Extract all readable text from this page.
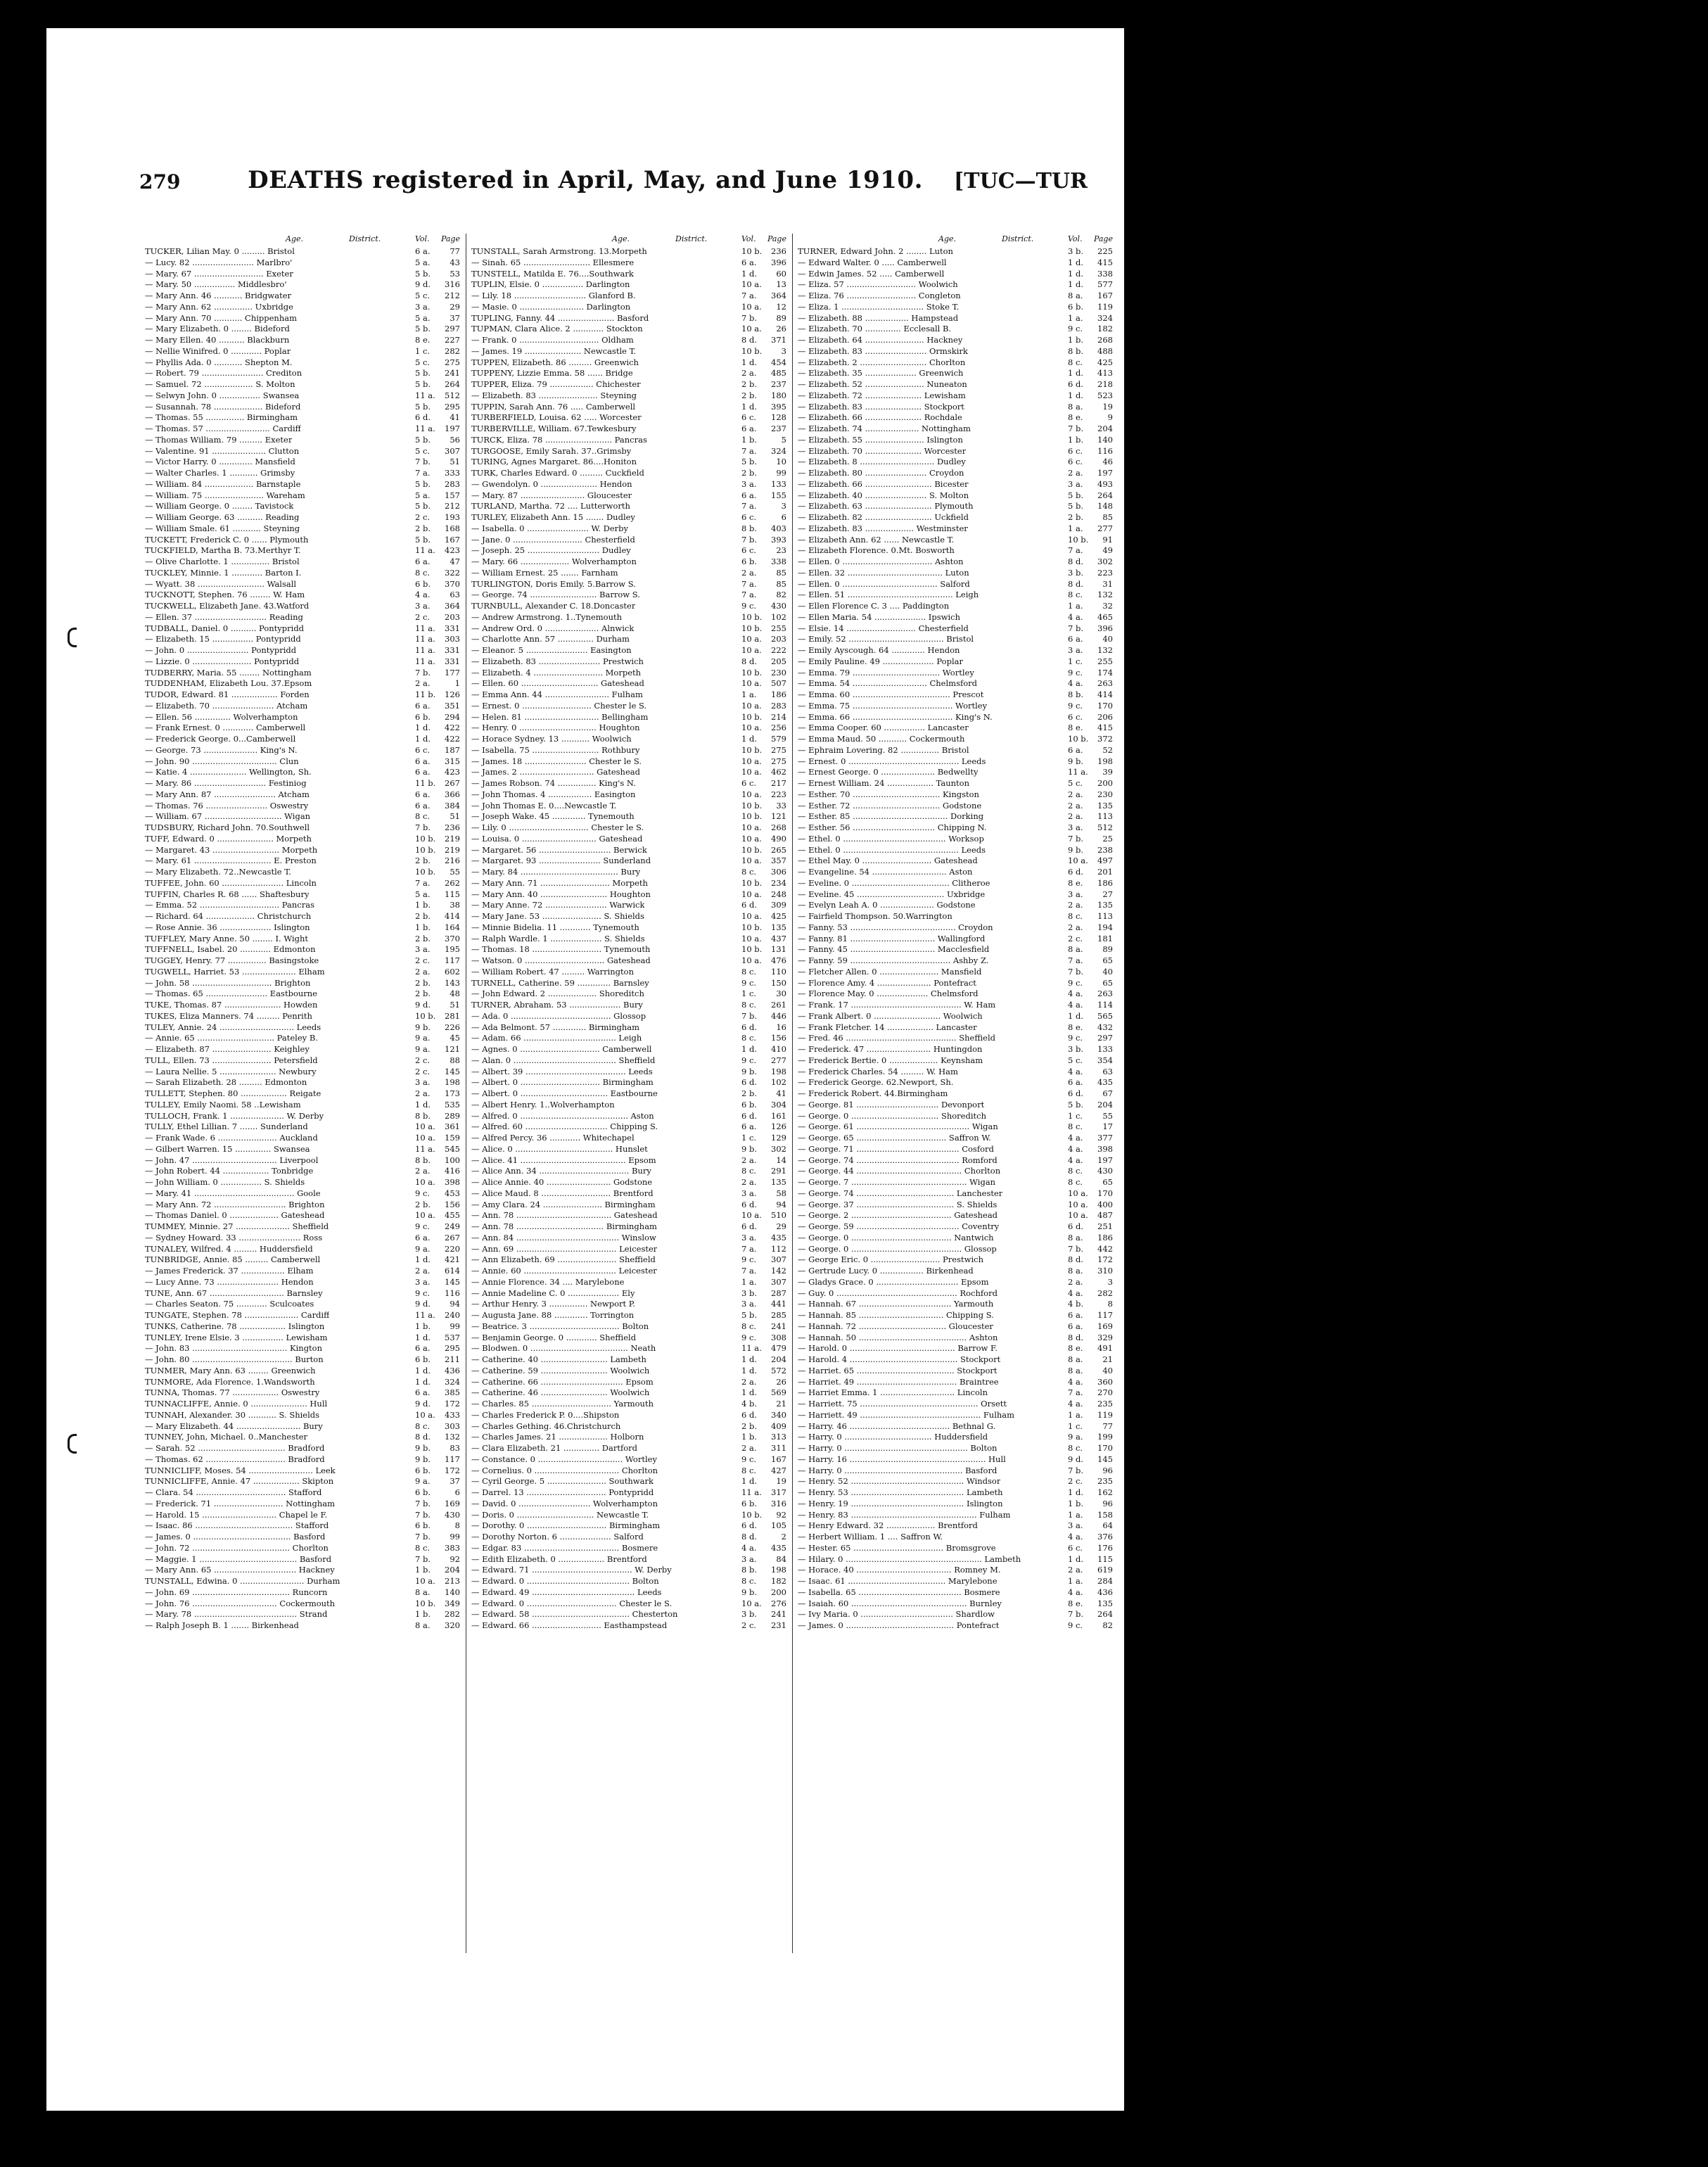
279	DEATHS registered in April, May, and June 1910.	[TUC—TUR
Age.	District.	Vol. Page
TUCKER, Lilian May. 0 ......... Bristol	6 a. 77
— Lucy. 82 ........................ Marlbro'	5 a. 43
— Mary. 67 ........................... Exeter	5 b. 53
— Mary. 50 ................ Middlesbro'	9 d. 316
— Mary Ann. 46 ........... Bridgwater	5 c. 212
— Mary Ann. 62 ............... Uxbridge	3 a. 29
— Mary Ann. 70 ........... Chippenham	5 a. 37
— Mary Elizabeth. 0 ........ Bideford	5 b. 297
— Mary Ellen. 40 .......... Blackburn	8 e. 227
— Nellie Winifred. 0 ............ Poplar	1 c. 282
— Phyllis Ada. 0 ........... Shepton M.	5 c. 275
— Robert. 79 ........................ Crediton	5 b. 241
— Samuel. 72 ................... S. Molton	5 b. 264
— Selwyn John. 0 ................ Swansea	11 a. 512
— Susannah. 78 ................... Bideford	5 b. 295
— Thomas. 55 ............... Birmingham	6 d. 41
— Thomas. 57 ......................... Cardiff	11 a. 197
— Thomas William. 79 ......... Exeter	5 b. 56
— Valentine. 91 ..................... Clutton	5 c. 307
— Victor Harry. 0 ............. Mansfield	7 b. 51
— Walter Charles. 1 ........... Grimsby	7 a. 333
— William. 84 ................... Barnstaple	5 b. 283
— William. 75 ....................... Wareham	5 a. 157
— William George. 0 ........ Tavistock	5 b. 212
— William George. 63 .......... Reading	2 c. 193
— William Smale. 61 ........... Steyning	2 b. 168
TUCKETT, Frederick C. 0 ...... Plymouth	5 b. 167
TUCKFIELD, Martha B. 73.Merthyr T.	11 a. 423
— Olive Charlotte. 1 ............... Bristol	6 a. 47
TUCKLEY, Minnie. 1 ............ Barton I.	8 c. 322
— Wyatt. 38 .......................... Walsall	6 b. 370
TUCKNOTT, Stephen. 76 ........ W. Ham	4 a. 63
TUCKWELL, Elizabeth Jane. 43.Watford	3 a. 364
— Ellen. 37 ............................ Reading	2 c. 203
TUDBALL, Daniel. 0 .......... Pontypridd	11 a. 331
— Elizabeth. 15 ................ Pontypridd	11 a. 303
— John. 0 ........................ Pontypridd	11 a. 331
— Lizzie. 0 ....................... Pontypridd	11 a. 331
TUDBERRY, Maria. 55 ........ Nottingham	7 b. 177
TUDDENHAM, Elizabeth Lou. 37.Epsom	2 a.	1
TUDOR, Edward. 81 .................. Forden	11 b. 126
— Elizabeth. 70 ........................ Atcham	6 a. 351
— Ellen. 56 .............. Wolverhampton	6 b. 294
— Frank Ernest. 0 ............ Camberwell	1 d. 422
— Frederick George. 0...Camberwell	1 d. 422
— George. 73 ..................... King's N.	6 c. 187
— John. 90 ................................. Clun	6 a. 315
— Katie. 4 ...................... Wellington, Sh.	6 a. 423
— Mary. 86 ............................ Festiniog	11 b. 267
— Mary Ann. 87 ........................ Atcham	6 a. 366
— Thomas. 76 ........................ Oswestry	6 a. 384
— William. 67 .............................. Wigan	8 c. 51
TUDSBURY, Richard John. 70.Southwell	7 b. 236
TUFF, Edward. 0 ...................... Morpeth	10 b. 219
— Margaret. 43 .......................... Morpeth	10 b. 219
— Mary. 61 .............................. E. Preston	2 b. 216
— Mary Elizabeth. 72..Newcastle T.	10 b. 55
TUFFEE, John. 60 ........................ Lincoln	7 a. 262
TUFFIN, Charles R. 68 ...... Shaftesbury	5 a. 115
— Emma. 52 ............................... Pancras	1 b. 38
— Richard. 64 ................... Christchurch	2 b. 414
— Rose Annie. 36 .................... Islington	1 b. 164
TUFFLEY, Mary Anne. 50 ........ I. Wight	2 b. 370
TUFFNELL, Isabel. 20 ............ Edmonton	3 a. 195
TUGGEY, Henry. 77 ............... Basingstoke	2 c. 117
TUGWELL, Harriet. 53 ..................... Elham	2 a. 602
— John. 58 ............................... Brighton	2 b. 143
— Thomas. 65 ........................ Eastbourne	2 b. 48
TUKE, Thomas. 87 ...................... Howden	9 d. 51
TUKES, Eliza Manners. 74 ......... Penrith	10 b. 281
TULEY, Annie. 24 ............................. Leeds	9 b. 226
— Annie. 65 .............................. Pateley B.	9 a. 45
— Elizabeth. 87 ....................... Keighley	9 a. 121
TULL, Ellen. 73 ....................... Petersfield	2 c. 88
— Laura Nellie. 5 ...................... Newbury	2 c. 145
— Sarah Elizabeth. 28 ......... Edmonton	3 a. 198
TULLETT, Stephen. 80 .................. Reigate	2 a. 173
TULLEY, Emily Naomi. 58 ..Lewisham	1 d. 535
TULLOCH, Frank. 1 ..................... W. Derby	8 b. 289
TULLY, Ethel Lillian. 7 ....... Sunderland	10 a. 361
— Frank Wade. 6 ....................... Auckland	10 a. 159
— Gilbert Warren. 15 .............. Swansea	11 a. 545
— John. 47 ................................. Liverpool	8 b. 100
— John Robert. 44 .................. Tonbridge	2 a. 416
— John William. 0 ................ S. Shields	10 a. 398
— Mary. 41 ....................................... Goole	9 c. 453
— Mary Ann. 72 ............................ Brighton	2 b. 156
— Thomas Daniel. 0 ................... Gateshead	10 a. 455
TUMMEY, Minnie. 27 ..................... Sheffield	9 c. 249
— Sydney Howard. 33 ........................ Ross	6 a. 267
TUNALEY, Wilfred. 4 ......... Huddersfield	9 a. 220
TUNBRIDGE, Annie. 85 ......... Camberwell	1 d. 421
— James Frederick. 37 ................. Elham	2 a. 614
— Lucy Anne. 73 ........................ Hendon	3 a. 145
TUNE, Ann. 67 ............................. Barnsley	9 c. 116
— Charles Seaton. 75 ............ Sculcoates	9 d. 94
TUNGATE, Stephen. 78 ..................... Cardiff	11 a. 240
TUNKS, Catherine. 78 .................. Islington	1 b. 99
TUNLEY, Irene Elsie. 3 ................ Lewisham	1 d. 537
— John. 83 ..................................... Kington	6 a. 295
— John. 80 ....................................... Burton	6 b. 211
TUNMER, Mary Ann. 63 ........ Greenwich	1 d. 436
TUNMORE, Ada Florence. 1.Wandsworth	1 d. 324
TUNNA, Thomas. 77 .................. Oswestry	6 a. 385
TUNNACLIFFE, Annie. 0 ...................... Hull	9 d. 172
TUNNAH, Alexander. 30 ........... S. Shields	10 a. 433
— Mary Elizabeth. 44 ......................... Bury	8 c. 303
TUNNEY, John, Michael. 0..Manchester	8 d. 132
— Sarah. 52 .................................. Bradford	9 b. 83
— Thomas. 62 ............................... Bradford	9 b. 117
TUNNICLIFF, Moses. 54 ......................... Leek	6 b. 172
TUNNICLIFFE, Annie. 47 .................. Skipton	9 a. 37
— Clara. 54 ................................... Stafford	6 b.	6
— Frederick. 71 ........................... Nottingham	7 b. 169
— Harold. 15 ............................. Chapel le F.	7 b. 430
— Isaac. 86 ...................................... Stafford	6 b.	8
— James. 0 ...................................... Basford	7 b. 99
— John. 72 ...................................... Chorlton	8 c. 383
— Maggie. 1 ...................................... Basford	7 b. 92
— Mary Ann. 65 ................................ Hackney	1 b. 204
TUNSTALL, Edwina. 0 ......................... Durham	10 a. 213
— John. 69 ...................................... Runcorn	8 a. 140
— John. 76 ................................. Cockermouth	10 b. 349
— Mary. 78 ........................................ Strand	1 b. 282
— Ralph Joseph B. 1 ....... Birkenhead	8 a. 320
Age.	District.	Vol. Page
TUNSTALL, Sarah Armstrong. 13.Morpeth	10 b. 236
— Sinah. 65 .......................... Ellesmere	6 a. 396
TUNSTELL, Matilda E. 76....Southwark	1 d. 60
TUPLIN, Elsie. 0 ................ Darlington	10 a. 13
— Lily. 18 ............................ Glanford B.	7 a. 364
— Masie. 0 ......................... Darlington	10 a. 12
TUPLING, Fanny. 44 ...................... Basford	7 b. 89
TUPMAN, Clara Alice. 2 ............ Stockton	10 a. 26
— Frank. 0 ............................... Oldham	8 d. 371
— James. 19 ...................... Newcastle T.	10 b. 3
TUPPEN, Elizabeth. 86 ......... Greenwich	1 d. 454
TUPPENY, Lizzie Emma. 58 ...... Bridge	2 a. 485
TUPPER, Eliza. 79 ................. Chichester	2 b. 237
— Elizabeth. 83 ....................... Steyning	2 b. 180
TUPPIN, Sarah Ann. 76 ..... Camberwell	1 d. 395
TURBERFIELD, Louisa. 62 ..... Worcester	6 c. 128
TURBERVILLE, William. 67.Tewkesbury	6 a. 237
TURCK, Eliza. 78 .......................... Pancras	1 b.	5
TURGOOSE, Emily Sarah. 37..Grimsby	7 a. 324
TURING, Agnes Margaret. 86....Honiton	5 b. 10
TURK, Charles Edward. 0 ......... Cuckfield	2 b. 99
— Gwendolyn. 0 ...................... Hendon	3 a. 133
— Mary. 87 ......................... Gloucester	6 a. 155
TURLAND, Martha. 72 .... Lutterworth	7 a.	3
TURLEY, Elizabeth Ann. 15 ....... Dudley	6 c.	6
— Isabella. 0 ........................ W. Derby	8 b. 403
— Jane. 0 ........................... Chesterfield	7 b. 393
— Joseph. 25 ............................ Dudley	6 c. 23
— Mary. 66 ................... Wolverhampton	6 b. 338
— William Ernest. 25 ....... Farnham	2 a. 85
TURLINGTON, Doris Emily. 5.Barrow S.	7 a. 85
— George. 74 .......................... Barrow S.	7 a. 82
TURNBULL, Alexander C. 18.Doncaster	9 c. 430
— Andrew Armstrong. 1..Tynemouth	10 b. 102
— Andrew Ord. 0 ..................... Alnwick	10 b. 255
— Charlotte Ann. 57 .............. Durham	10 a. 203
— Eleanor. 5 ........................ Easington	10 a. 222
— Elizabeth. 83 ........................ Prestwich	8 d. 205
— Elizabeth. 4 ........................... Morpeth	10 b. 230
— Ellen. 60 .............................. Gateshead	10 a. 507
— Emma Ann. 44 ......................... Fulham	1 a. 186
— Ernest. 0 ........................... Chester le S.	10 a. 283
— Helen. 81 ............................. Bellingham	10 b. 214
— Henry. 0 .............................. Houghton	10 a. 256
— Horace Sydney. 13 ........... Woolwich	1 d. 579
— Isabella. 75 .......................... Rothbury	10 b. 275
— James. 18 ........................ Chester le S.	10 a. 275
— James. 2 ............................. Gateshead	10 a. 462
— James Robson. 74 ............... King's N.	6 c. 217
— John Thomas. 4 ................. Easington	10 a. 223
— John Thomas E. 0....Newcastle T.	10 b. 33
— Joseph Wake. 45 ............. Tynemouth	10 b. 121
— Lily. 0 ............................... Chester le S.	10 a. 268
— Louisa. 0 ............................. Gateshead	10 a. 490
— Margaret. 56 ............................ Berwick	10 b. 265
— Margaret. 93 ........................ Sunderland	10 a. 357
— Mary. 84 ...................................... Bury	8 c. 306
— Mary Ann. 71 ........................... Morpeth	10 b. 234
— Mary Ann. 40 .......................... Houghton	10 a. 248
— Mary Anne. 72 ........................ Warwick	6 d. 309
— Mary Jane. 53 ....................... S. Shields	10 a. 425
— Minnie Bidelia. 11 ............ Tynemouth	10 b. 135
— Ralph Wardle. 1 .................... S. Shields	10 a. 437
— Thomas. 18 ........................... Tynemouth	10 b. 131
— Watson. 0 ............................... Gateshead	10 a. 476
— William Robert. 47 ......... Warrington	8 c. 110
TURNELL, Catherine. 59 ............. Barnsley	9 c. 150
— John Edward. 2 ................... Shoreditch	1 c. 30
TURNER, Abraham. 53 .................... Bury	8 c. 261
— Ada. 0 ....................................... Glossop	7 b. 446
— Ada Belmont. 57 ............. Birmingham	6 d. 16
— Adam. 66 .................................... Leigh	8 c. 156
— Agnes. 0 ............................... Camberwell	1 d. 410
— Alan. 0 ........................................ Sheffield	9 c. 277
— Albert. 39 ....................................... Leeds	9 b. 198
— Albert. 0 ............................... Birmingham	6 d. 102
— Albert. 0 .................................. Eastbourne	2 b. 41
— Albert Henry. 1..Wolverhampton	6 b. 304
— Alfred. 0 .......................................... Aston	6 d. 161
— Alfred. 60 ................................ Chipping S.	6 a. 126
— Alfred Percy. 36 ............ Whitechapel	1 c. 129
— Alice. 0 ...................................... Hunslet	9 b. 302
— Alice. 41 ......................................... Epsom	2 a. 14
— Alice Ann. 34 ................................... Bury	8 c. 291
— Alice Annie. 40 ......................... Godstone	2 a. 135
— Alice Maud. 8 ........................... Brentford	3 a. 58
— Amy Clara. 24 ....................... Birmingham	6 d. 94
— Ann. 78 ..................................... Gateshead	10 a. 510
— Ann. 78 .................................. Birmingham	6 d. 29
— Ann. 84 ........................................ Winslow	3 a. 435
— Ann. 69 ....................................... Leicester	7 a. 112
— Ann Elizabeth. 69 ....................... Sheffield	9 c. 307
— Annie. 60 .................................... Leicester	7 a. 142
— Annie Florence. 34 .... Marylebone	1 a. 307
— Annie Madeline C. 0 .................... Ely	3 b. 287
— Arthur Henry. 3 ............... Newport P.	3 a. 441
— Augusta Jane. 88 ............. Torrington	5 b. 285
— Beatrice. 3 ................................... Bolton	8 c. 241
— Benjamin George. 0 ............ Sheffield	9 c. 308
— Blodwen. 0 ...................................... Neath	11 a. 479
— Catherine. 40 .......................... Lambeth	1 d. 204
— Catherine. 59 .......................... Woolwich	1 d. 572
— Catherine. 66 ................................ Epsom	2 a. 26
— Catherine. 46 .......................... Woolwich	1 d. 569
— Charles. 85 ............................... Yarmouth	4 b. 21
— Charles Frederick P. 0....Shipston	6 d. 340
— Charles Gething. 46.Christchurch	2 b. 409
— Charles James. 21 ................... Holborn	1 b. 313
— Clara Elizabeth. 21 .............. Dartford	2 a. 311
— Constance. 0 ................................. Wortley	9 c. 167
— Cornelius. 0 ................................. Chorlton	8 c. 427
— Cyril George. 5 ....................... Southwark	1 d. 19
— Darrel. 13 ............................... Pontypridd	11 a. 317
— David. 0 ............................ Wolverhampton	6 b. 316
— Doris. 0 .............................. Newcastle T.	10 b. 92
— Dorothy. 0 ............................... Birmingham	6 d. 105
— Dorothy Norton. 6 .................... Salford	8 d.	2
— Edgar. 83 ..................................... Bosmere	4 a. 435
— Edith Elizabeth. 0 .................. Brentford	3 a. 84
— Edward. 71 ....................................... W. Derby	8 b. 198
— Edward. 0 ........................................ Bolton	8 c. 182
— Edward. 49 ........................................ Leeds	9 b. 200
— Edward. 0 ................................... Chester le S.	10 a. 276
— Edward. 58 ...................................... Chesterton	3 b. 241
— Edward. 66 ........................... Easthampstead	2 c. 231
Age.	District.	Vol. Page
TURNER, Edward John. 2 ........ Luton	3 b. 225
— Edward Walter. 0 ..... Camberwell	1 d. 415
— Edwin James. 52 ..... Camberwell	1 d. 338
— Eliza. 57 ........................... Woolwich	1 d. 577
— Eliza. 76 ........................... Congleton	8 a. 167
— Eliza. 1 ................................ Stoke T.	6 b. 119
— Elizabeth. 88 ................. Hampstead	1 a. 324
— Elizabeth. 70 .............. Ecclesall B.	9 c. 182
— Elizabeth. 64 ....................... Hackney	1 b. 268
— Elizabeth. 83 ........................ Ormskirk	8 b. 488
— Elizabeth. 2 .......................... Chorlton	8 c. 425
— Elizabeth. 35 .................... Greenwich	1 d. 413
— Elizabeth. 52 ....................... Nuneaton	6 d. 218
— Elizabeth. 72 ...................... Lewisham	1 d. 523
— Elizabeth. 83 ...................... Stockport	8 a. 19
— Elizabeth. 66 ...................... Rochdale	8 e.	9
— Elizabeth. 74 ..................... Nottingham	7 b. 204
— Elizabeth. 55 ....................... Islington	1 b. 140
— Elizabeth. 70 ...................... Worcester	6 c. 116
— Elizabeth. 8 ............................. Dudley	6 c. 46
— Elizabeth. 80 ........................ Croydon	2 a. 197
— Elizabeth. 66 .......................... Bicester	3 a. 493
— Elizabeth. 40 ........................ S. Molton	5 b. 264
— Elizabeth. 63 .......................... Plymouth	5 b. 148
— Elizabeth. 82 .......................... Uckfield	2 b. 85
— Elizabeth. 83 ................... Westminster	1 a. 277
— Elizabeth Ann. 62 ...... Newcastle T.	10 b. 91
— Elizabeth Florence. 0.Mt. Bosworth	7 a. 49
— Ellen. 0 ................................... Ashton	8 d. 302
— Ellen. 32 ..................................... Luton	3 b. 223
— Ellen. 0 ..................................... Salford	8 d. 31
— Ellen. 51 ......................................... Leigh	8 c. 132
— Ellen Florence C. 3 .... Paddington	1 a. 32
— Ellen Maria. 54 .................... Ipswich	4 a. 465
— Elsie. 14 ........................... Chesterfield	7 b. 396
— Emily. 52 ..................................... Bristol	6 a. 40
— Emily Ayscough. 64 ............. Hendon	3 a. 132
— Emily Pauline. 49 .................... Poplar	1 c. 255
— Emma. 79 .................................. Wortley	9 c. 174
— Emma. 54 ............................. Chelmsford	4 a. 263
— Emma. 60 ...................................... Prescot	8 b. 414
— Emma. 75 ....................................... Wortley	9 c. 170
— Emma. 66 ....................................... King's N.	6 c. 206
— Emma Cooper. 60 ................ Lancaster	8 e. 415
— Emma Maud. 50 ........... Cockermouth	10 b. 372
— Ephraim Lovering. 82 ............... Bristol	6 a. 52
— Ernest. 0 ........................................... Leeds	9 b. 198
— Ernest George. 0 ..................... Bedwellty	11 a. 39
— Ernest William. 24 .................. Taunton	5 c. 200
— Esther. 70 .................................. Kingston	2 a. 230
— Esther. 72 .................................. Godstone	2 a. 135
— Esther. 85 ..................................... Dorking	2 a. 113
— Esther. 56 ................................ Chipping N.	3 a. 512
— Ethel. 0 ........................................ Worksop	7 b. 25
— Ethel. 0 ............................................. Leeds	9 b. 238
— Ethel May. 0 ........................... Gateshead	10 a. 497
— Evangeline. 54 ............................. Aston	6 d. 201
— Eveline. 0 ...................................... Clitheroe	8 e. 186
— Eveline. 45 .................................. Uxbridge	3 a. 27
— Evelyn Leah A. 0 ..................... Godstone	2 a. 135
— Fairfield Thompson. 50.Warrington	8 c. 113
— Fanny. 53 ......................................... Croydon	2 a. 194
— Fanny. 81 ................................. Wallingford	2 c. 181
— Fanny. 45 ................................. Macclesfield	8 a. 89
— Fanny. 59 ....................................... Ashby Z.	7 a. 65
— Fletcher Allen. 0 ....................... Mansfield	7 b. 40
— Florence Amy. 4 ..................... Pontefract	9 c. 65
— Florence May. 0 .................... Chelmsford	4 a. 263
— Frank. 17 ........................................... W. Ham	4 a. 114
— Frank Albert. 0 .......................... Woolwich	1 d. 565
— Frank Fletcher. 14 .................. Lancaster	8 e. 432
— Fred. 46 ........................................... Sheffield	9 c. 297
— Frederick. 47 ......................... Huntingdon	3 b. 133
— Frederick Bertie. 0 ................... Keynsham	5 c. 354
— Frederick Charles. 54 ......... W. Ham	4 a. 63
— Frederick George. 62.Newport, Sh.	6 a. 435
— Frederick Robert. 44.Birmingham	6 d. 67
— George. 81 ................................ Devonport	5 b. 204
— George. 0 .................................. Shoreditch	1 c. 55
— George. 61 ............................................ Wigan	8 c. 17
— George. 65 ................................... Saffron W.	4 a. 377
— George. 71 ........................................ Cosford	4 a. 398
— George. 74 ........................................ Romford	4 a. 197
— George. 44 ......................................... Chorlton	8 c. 430
— George. 7 ............................................. Wigan	8 c. 65
— George. 74 ...................................... Lanchester	10 a. 170
— George. 37 ...................................... S. Shields	10 a. 400
— George. 2 ....................................... Gateshead	10 a. 487
— George. 59 ........................................ Coventry	6 d. 251
— George. 0 ....................................... Nantwich	8 a. 186
— George. 0 ........................................... Glossop	7 b. 442
— George Eric. 0 ........................... Prestwich	8 d. 172
— Gertrude Lucy. 0 ................. Birkenhead	8 a. 310
— Gladys Grace. 0 ................................ Epsom	2 a.	3
— Guy. 0 ............................................... Rochford	4 a. 282
— Hannah. 67 .................................... Yarmouth	4 b.	8
— Hannah. 85 ................................. Chipping S.	6 a. 117
— Hannah. 72 .................................. Gloucester	6 a. 169
— Hannah. 50 .......................................... Ashton	8 d. 329
— Harold. 0 ......................................... Barrow F.	8 e. 491
— Harold. 4 .......................................... Stockport	8 a. 21
— Harriet. 65 ...................................... Stockport	8 a. 40
— Harriet. 49 ....................................... Braintree	4 a. 360
— Harriet Emma. 1 ............................. Lincoln	7 a. 270
— Harriett. 75 .............................................. Orsett	4 a. 235
— Harriett. 49 ............................................... Fulham	1 a. 119
— Harry. 46 ....................................... Bethnal G.	1 c. 77
— Harry. 0 .................................. Huddersfield	9 a. 199
— Harry. 0 ................................................ Bolton	8 c. 170
— Harry. 16 ..................................................... Hull	9 d. 145
— Harry. 0 .............................................. Basford	7 b. 96
— Henry. 52 ............................................ Windsor	2 c. 235
— Henry. 53 ............................................ Lambeth	1 d. 162
— Henry. 19 ............................................ Islington	1 b. 96
— Henry. 83 ................................................. Fulham	1 a. 158
— Henry Edward. 32 ................... Brentford	3 a. 64
— Herbert William. 1 .... Saffron W.	4 a. 376
— Hester. 65 ................................... Bromsgrove	6 c. 176
— Hilary. 0 ..................................................... Lambeth	1 d. 115
— Horace. 40 ..................................... Romney M.	2 a. 619
— Isaac. 61 ...................................... Marylebone	1 a. 284
— Isabella. 65 ........................................ Bosmere	4 a. 436
— Isaiah. 60 ............................................. Burnley	8 e. 135
— Ivy Maria. 0 .................................... Shardlow	7 b. 264
— James. 0 .......................................... Pontefract	9 c. 82
